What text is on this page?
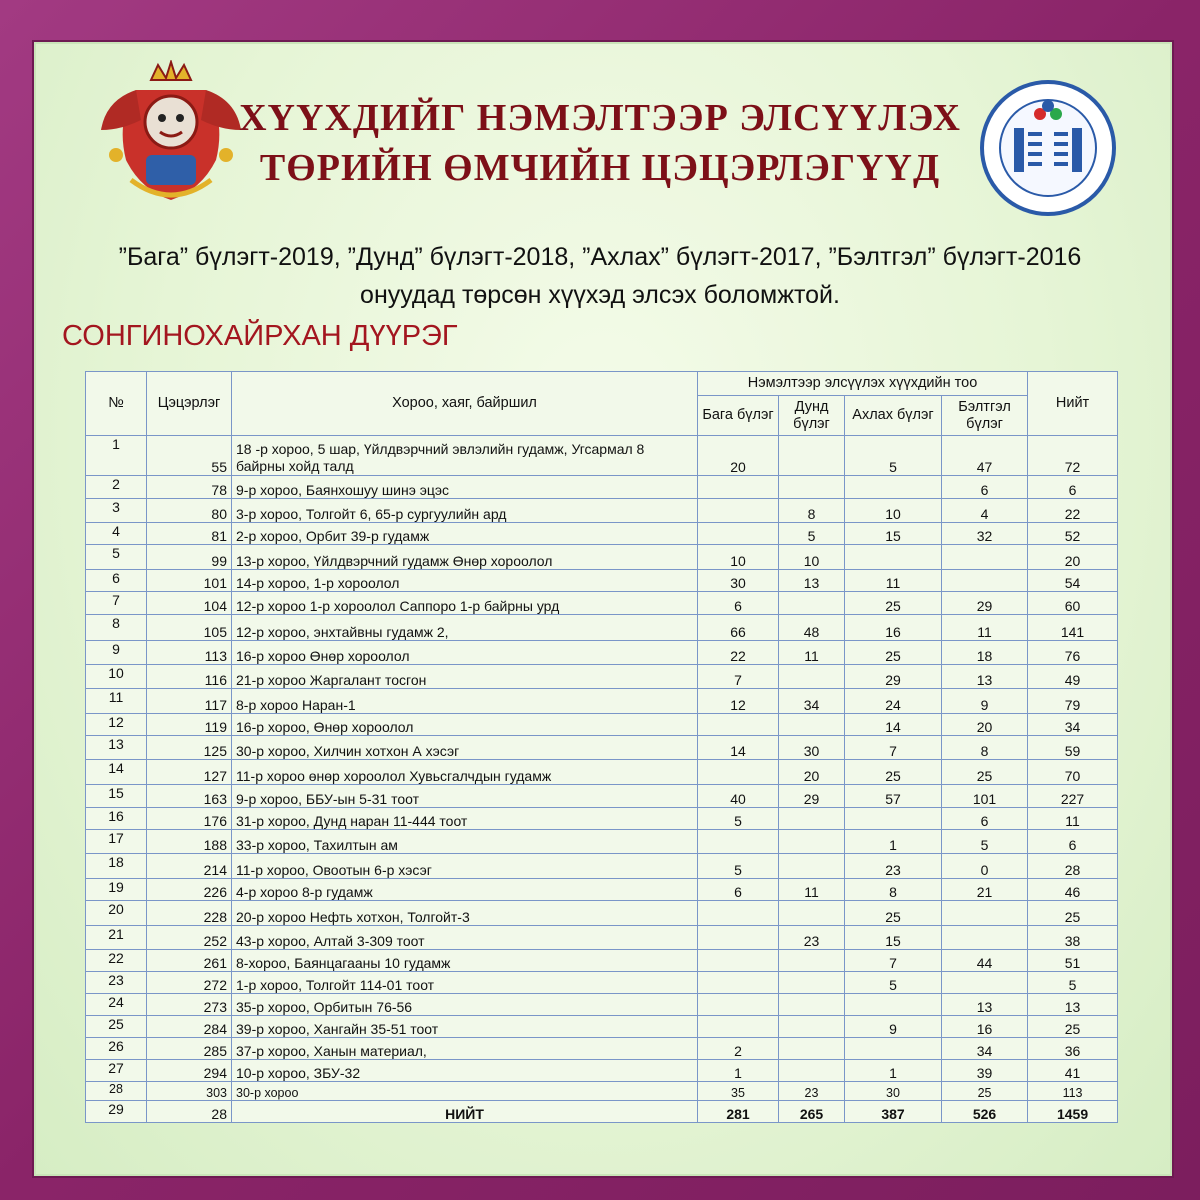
ХҮҮХДИЙГ НЭМЭЛТЭЭР ЭЛСҮҮЛЭХ
ТӨРИЙН ӨМЧИЙН ЦЭЦЭРЛЭГҮҮД
”Бага” бүлэгт-2019, ”Дунд” бүлэгт-2018, ”Ахлах” бүлэгт-2017, ”Бэлтгэл” бүлэгт-2016
онуудад төрсөн хүүхэд элсэх боломжтой.
СОНГИНОХАЙРХАН ДҮҮРЭГ
№	Цэцэрлэг	Хороо, хаяг, байршил	Нэмэлтээр элсүүлэх хүүхдийн тоо				Нийт
			Бага бүлэг	Дунд бүлэг	Ахлах бүлэг	Бэлтгэл бүлэг	
1	55	18 -р хороо, 5 шар, Үйлдвэрчний эвлэлийн гудамж, Угсармал 8 байрны хойд талд	20		5	47	72
2	78	9-р хороо, Баянхошуу шинэ эцэс				6	6
3	80	3-р хороо, Толгойт 6, 65-р сургуулийн ард		8	10	4	22
4	81	2-р хороо, Орбит 39-р гудамж		5	15	32	52
5	99	13-р хороо, Үйлдвэрчний гудамж Өнөр хороолол	10	10			20
6	101	14-р хороо, 1-р хороолол	30	13	11		54
7	104	12-р хороо 1-р хороолол Саппоро 1-р байрны урд	6		25	29	60
8	105	12-р хороо, энхтайвны гудамж 2,	66	48	16	11	141
9	113	16-р хороо Өнөр хороолол	22	11	25	18	76
10	116	21-р хороо Жаргалант тосгон	7		29	13	49
11	117	8-р хороо Наран-1	12	34	24	9	79
12	119	16-р хороо, Өнөр хороолол			14	20	34
13	125	30-р хороо, Хилчин хотхон А хэсэг	14	30	7	8	59
14	127	11-р хороо өнөр хороолол Хувьсгалчдын гудамж		20	25	25	70
15	163	9-р хороо, ББУ-ын 5-31 тоот	40	29	57	101	227
16	176	31-р хороо, Дунд наран 11-444 тоот	5			6	11
17	188	33-р хороо, Тахилтын ам			1	5	6
18	214	11-р хороо, Овоотын 6-р хэсэг	5		23	0	28
19	226	4-р хороо 8-р гудамж	6	11	8	21	46
20	228	20-р хороо Нефть хотхон, Толгойт-3			25		25
21	252	43-р хороо, Алтай 3-309 тоот		23	15		38
22	261	8-хороо, Баянцагааны 10 гудамж			7	44	51
23	272	1-р хороо, Толгойт 114-01 тоот			5		5
24	273	35-р хороо, Орбитын 76-56				13	13
25	284	39-р хороо, Хангайн 35-51 тоот			9	16	25
26	285	37-р хороо, Ханын материал,	2			34	36
27	294	10-р хороо, ЗБУ-32	1		1	39	41
28	303	30-р хороо	35	23	30	25	113
29	28	НИЙТ	281	265	387	526	1459
